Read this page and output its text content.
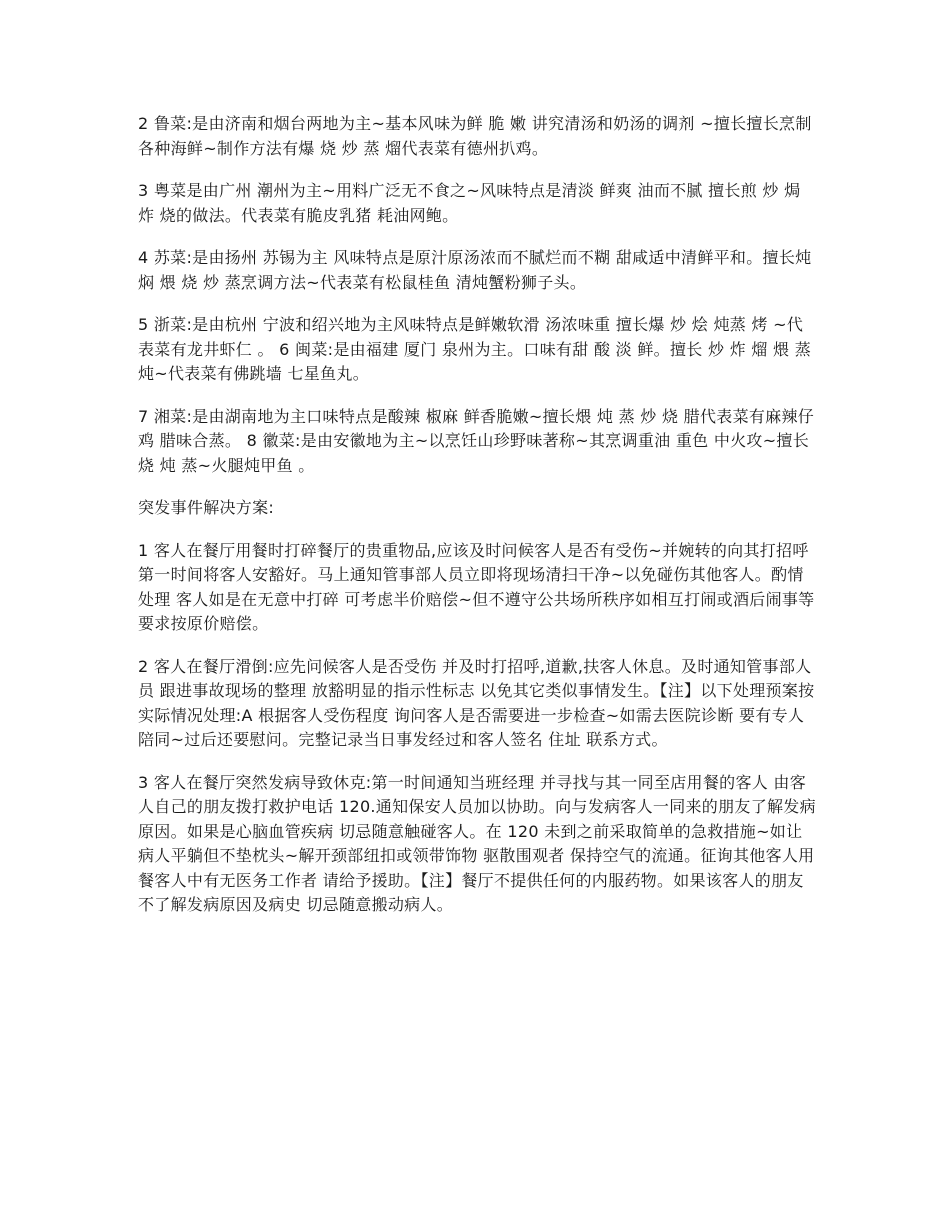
2 鲁菜:是由济南和烟台两地为主~基本风味为鲜 脆 嫩 讲究清汤和奶汤的调剂 ~擅长擅长烹制各种海鲜~制作方法有爆 烧 炒 蒸 熘代表菜有德州扒鸡。

3 粤菜是由广州 潮州为主~用料广泛无不食之~风味特点是清淡 鲜爽 油而不腻 擅长煎 炒 焗 炸 烧的做法。代表菜有脆皮乳猪 耗油网鲍。

4 苏菜:是由扬州 苏锡为主 风味特点是原汁原汤浓而不腻烂而不糊 甜咸适中清鲜平和。擅长炖 焖 煨 烧 炒 蒸烹调方法~代表菜有松鼠桂鱼 清炖蟹粉狮子头。

5 浙菜:是由杭州 宁波和绍兴地为主风味特点是鲜嫩软滑 汤浓味重 擅长爆 炒 烩 炖蒸 烤 ~代表菜有龙井虾仁 。 6 闽菜:是由福建 厦门 泉州为主。口味有甜 酸 淡 鲜。擅长 炒 炸 熘 煨 蒸 炖~代表菜有佛跳墙 七星鱼丸。

7 湘菜:是由湖南地为主口味特点是酸辣 椒麻 鲜香脆嫩~擅长煨 炖 蒸 炒 烧 腊代表菜有麻辣仔鸡 腊味合蒸。 8 徽菜:是由安徽地为主~以烹饪山珍野味著称~其烹调重油 重色 中火攻~擅长烧 炖 蒸~火腿炖甲鱼 。

突发事件解决方案:

1 客人在餐厅用餐时打碎餐厅的贵重物品,应该及时问候客人是否有受伤~并婉转的向其打招呼 第一时间将客人安豁好。马上通知管事部人员立即将现场清扫干净~以免碰伤其他客人。酌情处理 客人如是在无意中打碎 可考虑半价赔偿~但不遵守公共场所秩序如相互打闹或酒后闹事等要求按原价赔偿。

2 客人在餐厅滑倒:应先问候客人是否受伤 并及时打招呼,道歉,扶客人休息。及时通知管事部人员 跟进事故现场的整理 放豁明显的指示性标志 以免其它类似事情发生。【注】以下处理预案按实际情况处理:A 根据客人受伤程度 询问客人是否需要进一步检查~如需去医院诊断 要有专人陪同~过后还要慰问。完整记录当日事发经过和客人签名 住址 联系方式。

3 客人在餐厅突然发病导致休克:第一时间通知当班经理 并寻找与其一同至店用餐的客人 由客人自己的朋友拨打救护电话 120.通知保安人员加以协助。向与发病客人一同来的朋友了解发病原因。如果是心脑血管疾病 切忌随意触碰客人。在 120 未到之前采取简单的急救措施~如让病人平躺但不垫枕头~解开颈部纽扣或领带饰物 驱散围观者 保持空气的流通。征询其他客人用餐客人中有无医务工作者 请给予援助。【注】餐厅不提供任何的内服药物。如果该客人的朋友不了解发病原因及病史 切忌随意搬动病人。
